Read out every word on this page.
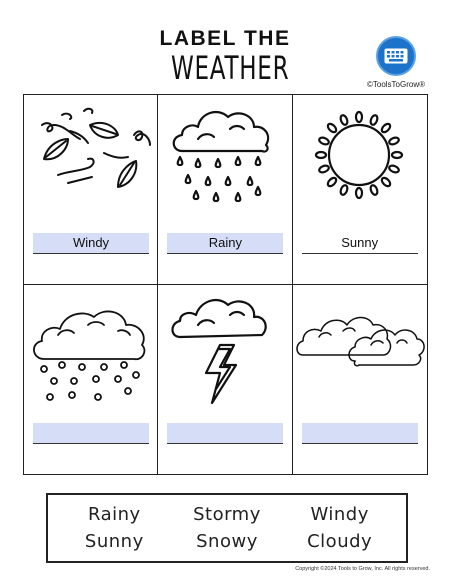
LABEL THE
WEATHER	©ToolsToGrow®
Windy	Rainy	Sunny
Rainy	Stormy	Windy
Sunny	Snowy	Cloudy
Copyright ©2024 Tools to Grow, Inc. All rights reserved.
